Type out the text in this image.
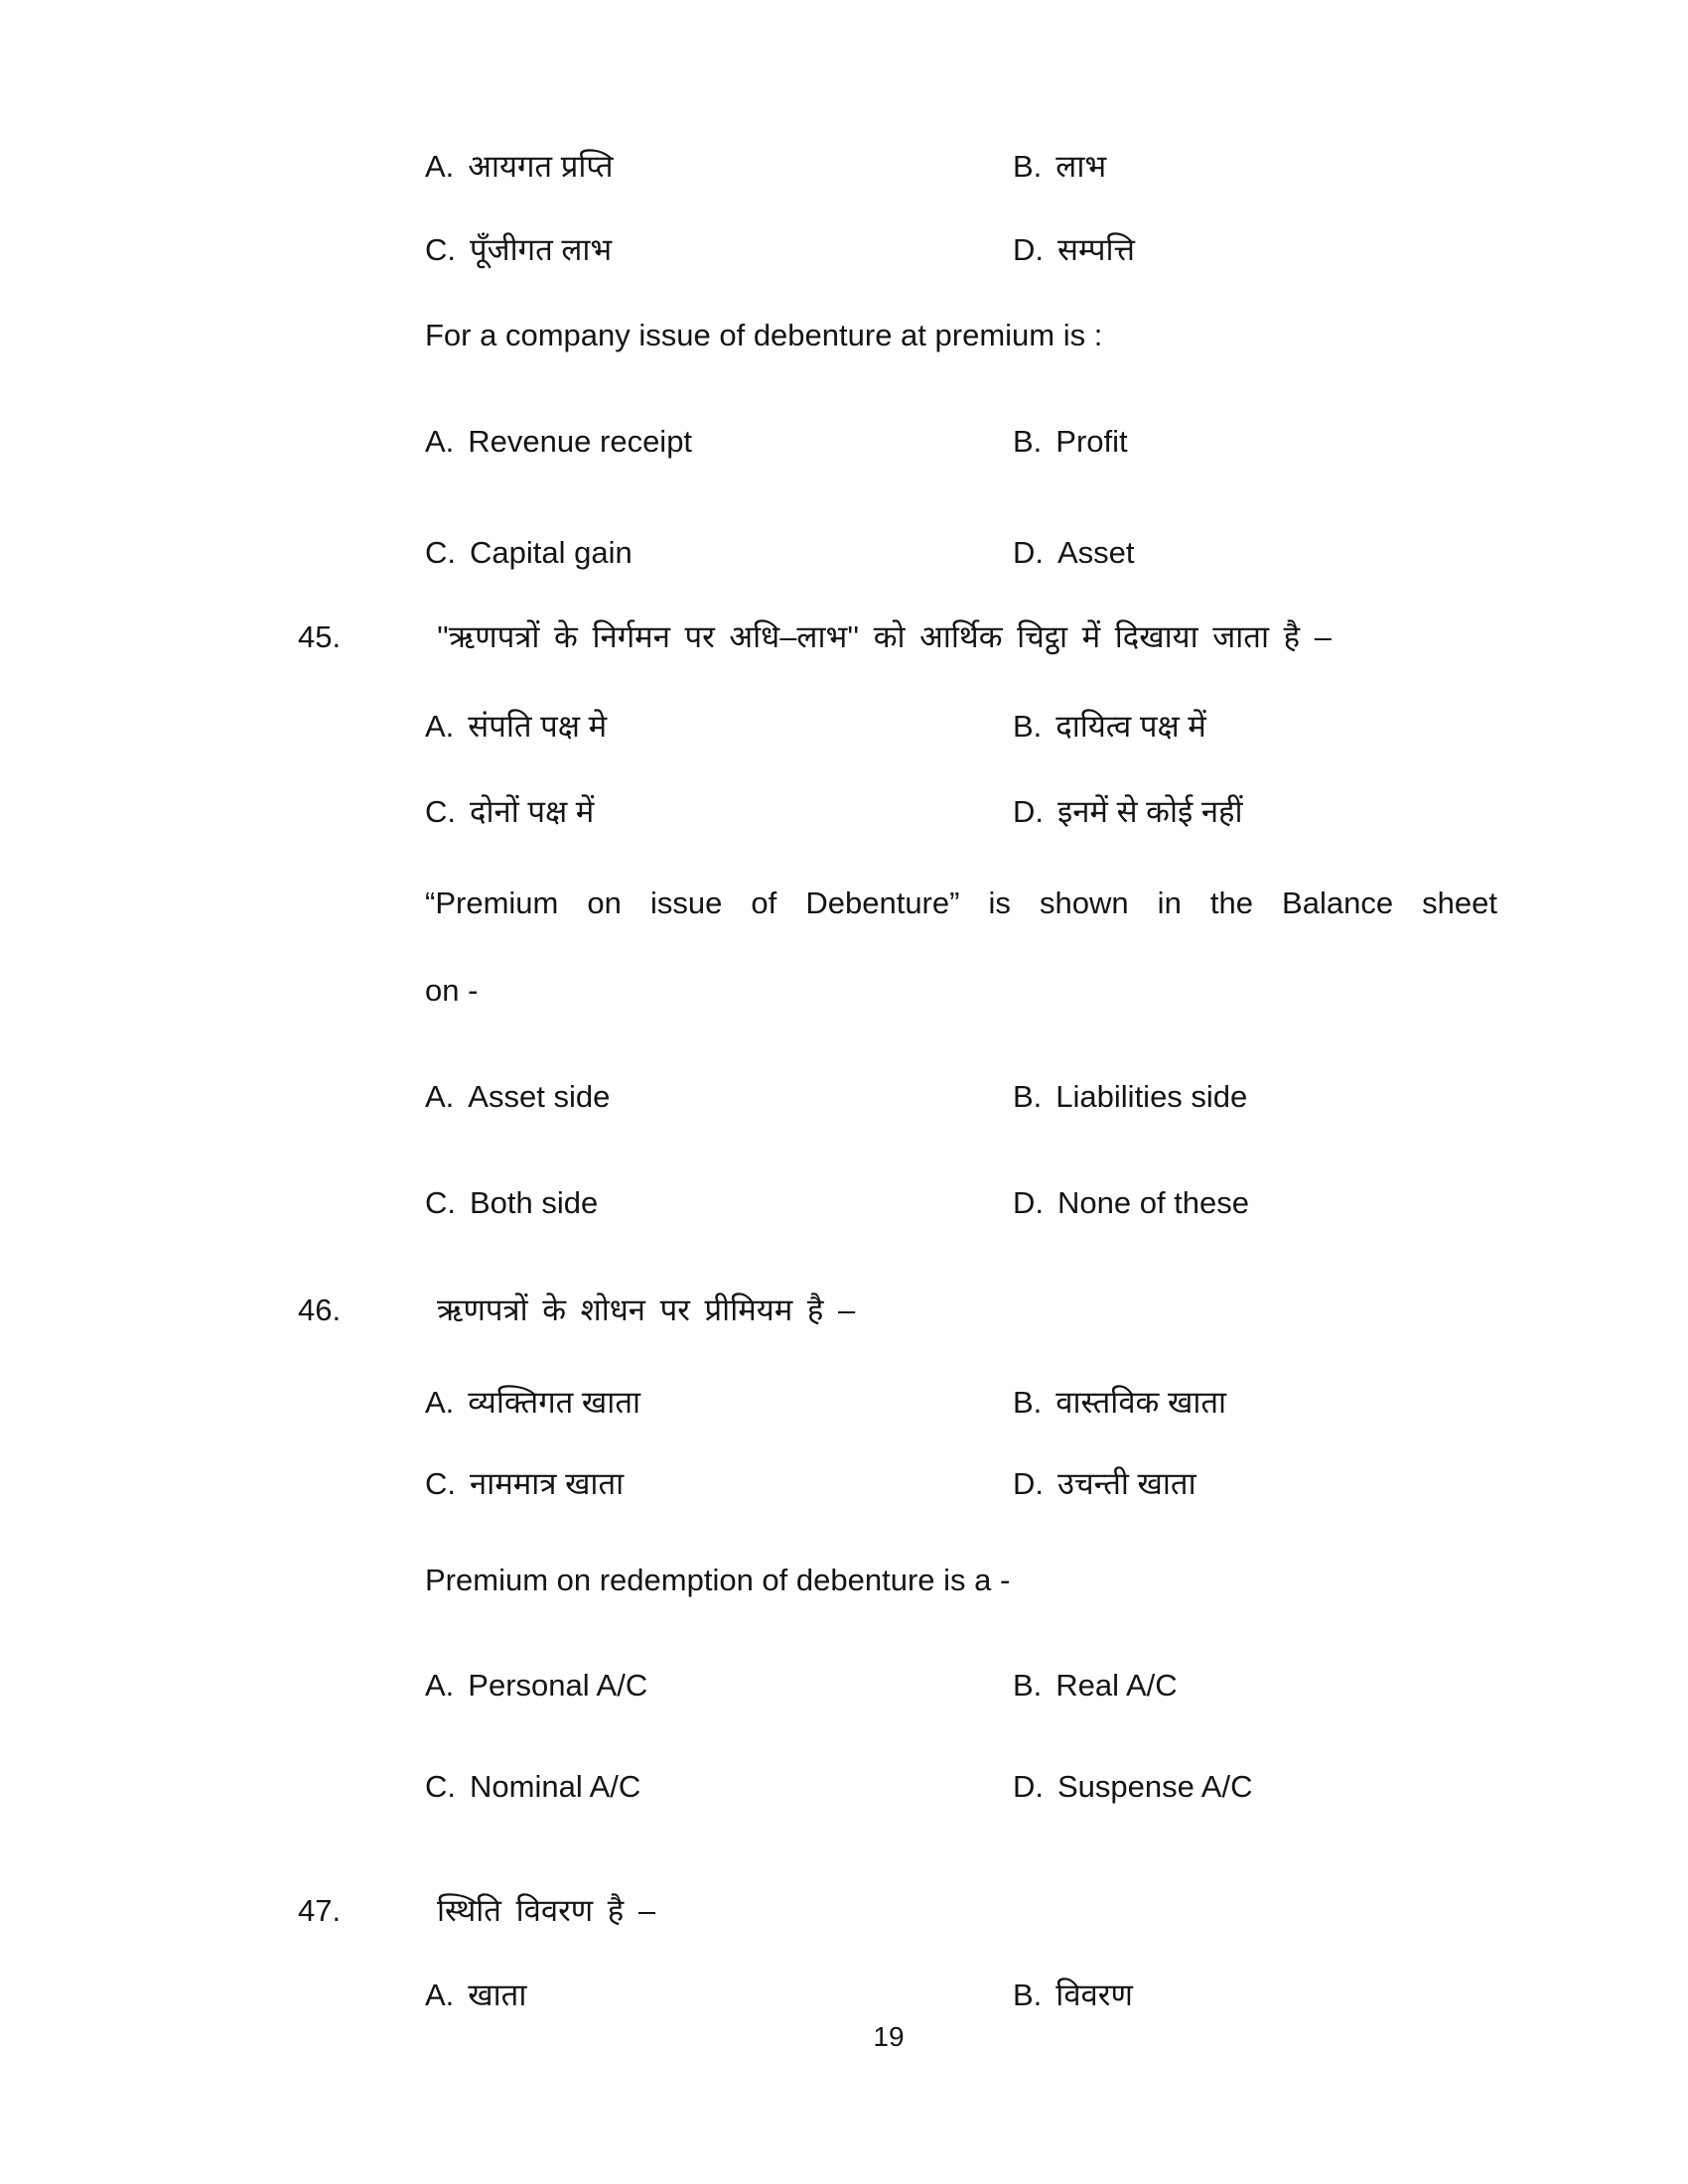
A. आयगत प्रप्ति	B. लाभ
C. पूँजीगत लाभ	D. सम्पत्ति
For a company issue of debenture at premium is :
A. Revenue receipt	B. Profit
C. Capital gain	D. Asset
45.	''ऋणपत्रों के निर्गमन पर अधि–लाभ'' को आर्थिक चिट्ठा में दिखाया जाता है –
A. संपति पक्ष मे	B. दायित्व पक्ष में
C. दोनों पक्ष में	D. इनमें से कोई नहीं
“Premium on issue of Debenture” is shown in the Balance sheet
on -
A. Asset side	B. Liabilities side
C. Both side	D. None of these
46.	ऋणपत्रों के शोधन पर प्रीमियम है –
A. व्यक्तिगत खाता	B. वास्तविक खाता
C. नाममात्र खाता	D. उचन्ती खाता
Premium on redemption of debenture is a -
A. Personal A/C	B. Real A/C
C. Nominal A/C	D. Suspense A/C
47.	स्थिति विवरण है –
A. खाता	B. विवरण
19
